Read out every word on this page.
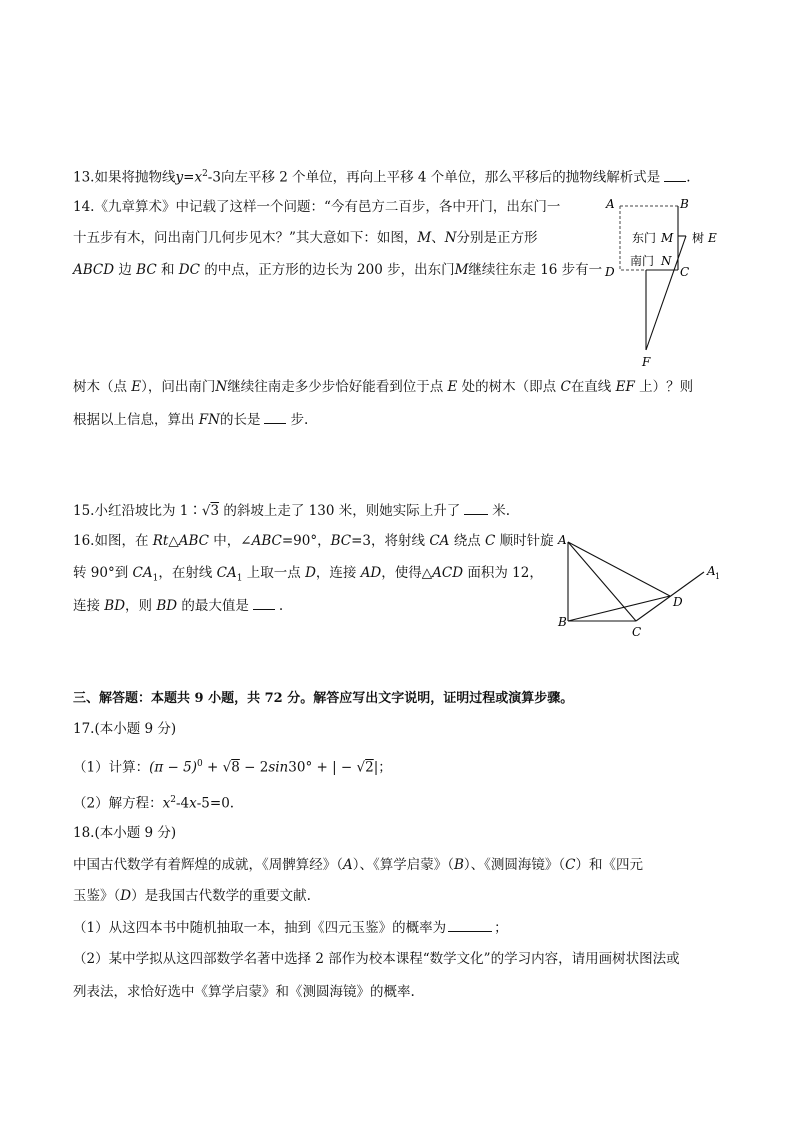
13.如果将抛物线$y=x^2-3$向左平移 2 个单位，再向上平移 4 个单位，那么平移后的抛物线解析式是 .
14.《九章算术》中记载了这样一个问题：“今有邑方二百步，各中开门，出东门一
十五步有木，问出南门几何步见木？”其大意如下：如图，M、N分别是正方形
ABCD 边 BC 和 DC 的中点，正方形的边长为 200 步，出东门M继续往东走 16 步有一
A	B
D	C
F
东门 M 树 E
南门 N
树木（点 E），问出南门N继续往南走多少步恰好能看到位于点 E 处的树木（即点 C在直线 EF 上）？则
根据以上信息，算出 FN的长是 步.
15.小红沿坡比为 1∶√3 的斜坡上走了 130 米，则她实际上升了 米.
16.如图，在 Rt△ABC 中，∠ABC=90°，BC=3，将射线 CA 绕点 C 顺时针旋
转 90°到 $CA_1$，在射线 $CA_1$ 上取一点 D，连接 AD，使得△ACD 面积为 12，
连接 BD，则 BD 的最大值是 .
A
B
C
D
A 1
三、解答题：本题共 9 小题，共 72 分。解答应写出文字说明，证明过程或演算步骤。
17.(本小题 9 分)
（1）计算：$(\pi - 5)^0 + √8 - 2\sin 30^\circ$ + | − √2|；
（2）解方程：$x^2-4x-5=0$.
18.(本小题 9 分)
中国古代数学有着辉煌的成就，《周髀算经》（A）、《算学启蒙》（B）、《测圆海镜》（C）和《四元
玉鉴》（D）是我国古代数学的重要文献.
（1）从这四本书中随机抽取一本，抽到《四元玉鉴》的概率为	；
（2）某中学拟从这四部数学名著中选择 2 部作为校本课程“数学文化”的学习内容，请用画树状图法或
列表法，求恰好选中《算学启蒙》和《测圆海镜》的概率.
